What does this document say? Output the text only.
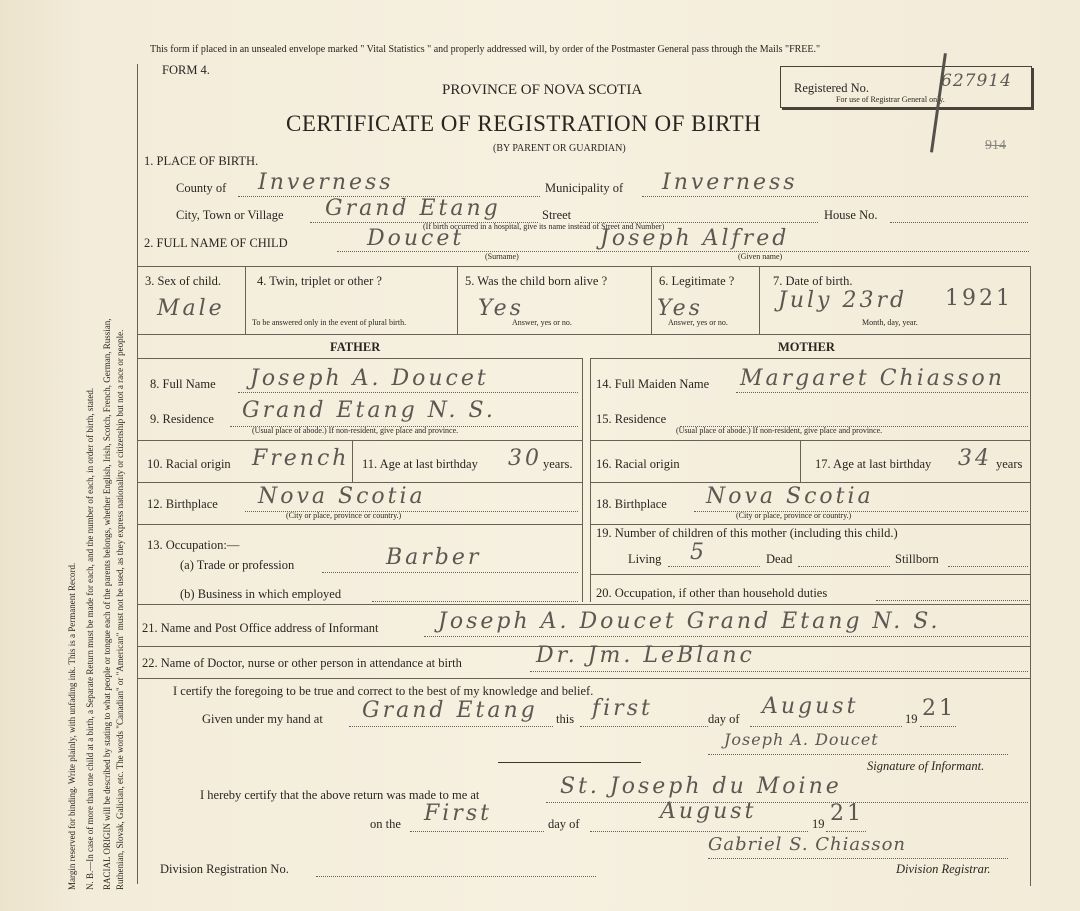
Margin reserved for binding. Write plainly, with unfading ink. This is a Permanent Record. N. B.—In case of more than one child at a birth, a Separate Return must be made for each, and the number of each, in order of birth, stated. RACIAL ORIGIN will be described by stating to what people or tongue each of the parents belongs, whether English, Irish, Scotch, French, German, Russian, Ruthenian, Slovak, Galician, etc. The words "Canadian" or "American" must not be used, as they express nationality or citizenship but not a race or people.
This form if placed in an unsealed envelope marked " Vital Statistics " and properly addressed will, by order of the Postmaster General pass through the Mails "FREE."
FORM 4.
PROVINCE OF NOVA SCOTIA
CERTIFICATE OF REGISTRATION OF BIRTH
(BY PARENT OR GUARDIAN)
Registered No.	627914
For use of Registrar General only.
914
1. PLACE OF BIRTH.
County of Inverness	Municipality of Inverness
City, Town or Village Grand Etang	Street	House No.
(If birth occurred in a hospital, give its name instead of Street and Number)
2. FULL NAME OF CHILD	Doucet	Joseph Alfred
(Surname)	(Given name)
3. Sex of child.
Male
4. Twin, triplet or other ?
To be answered only in the event of plural birth.
5. Was the child born alive ?
Yes
Answer, yes or no.
6. Legitimate ?
Yes
Answer, yes or no.
7. Date of birth.
July 23rd 1921
Month, day, year.
FATHER	MOTHER
8. Full Name Joseph A. Doucet
9. Residence Grand Etang N. S.
(Usual place of abode.) If non-resident, give place and province.
10. Racial origin French 11. Age at last birthday 30 years.
12. Birthplace Nova Scotia
(City or place, province or country.)
13. Occupation:—
(a) Trade or profession	Barber
(b) Business in which employed
14. Full Maiden Name Margaret Chiasson
15. Residence
(Usual place of abode.) If non-resident, give place and province.
16. Racial origin	17. Age at last birthday 34 years
18. Birthplace Nova Scotia
(City or place, province or country.)
19. Number of children of this mother (including this child.)
Living 5	Dead	Stillborn
20. Occupation, if other than household duties
21. Name and Post Office address of Informant	Joseph A. Doucet Grand Etang N. S.
22. Name of Doctor, nurse or other person in attendance at birth	Dr. Jm. LeBlanc
I certify the foregoing to be true and correct to the best of my knowledge and belief.
Given under my hand at Grand Etang this first	day of August	19 21
Joseph A. Doucet
Signature of Informant.
I hereby certify that the above return was made to me at	St. Joseph du Moine
on the First	day of	August	19 21
Gabriel S. Chiasson
Division Registrar.
Division Registration No.
